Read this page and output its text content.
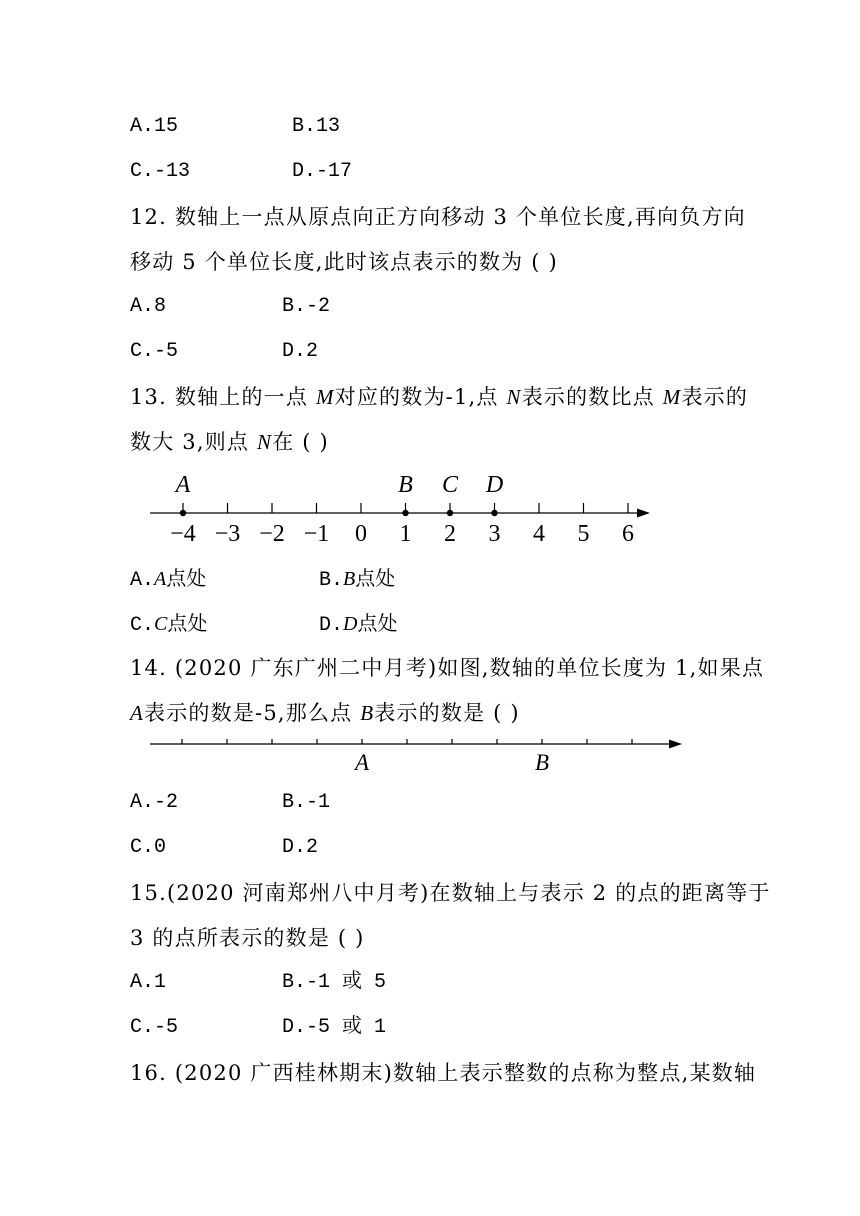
A.15	B.13
C.-13	D.-17
12. 数轴上一点从原点向正方向移动 3 个单位长度,再向负方向
移动 5 个单位长度,此时该点表示的数为 ( )
A.8	B.-2
C.-5	D.2
13. 数轴上的一点 M对应的数为-1,点 N表示的数比点 M表示的
数大 3,则点 N在 ( )
−4 −3 −2 −1 0 1 2 3 4 5 6
A	B C D
A.A点处	B.B点处
C.C点处	D.D点处
14. (2020 广东广州二中月考)如图,数轴的单位长度为 1,如果点
A表示的数是-5,那么点 B表示的数是 ( )
A	B
A.-2	B.-1
C.0	D.2
15.(2020 河南郑州八中月考)在数轴上与表示 2 的点的距离等于
3 的点所表示的数是 ( )
A.1	B.-1 或 5
C.-5	D.-5 或 1
16. (2020 广西桂林期末)数轴上表示整数的点称为整点,某数轴
